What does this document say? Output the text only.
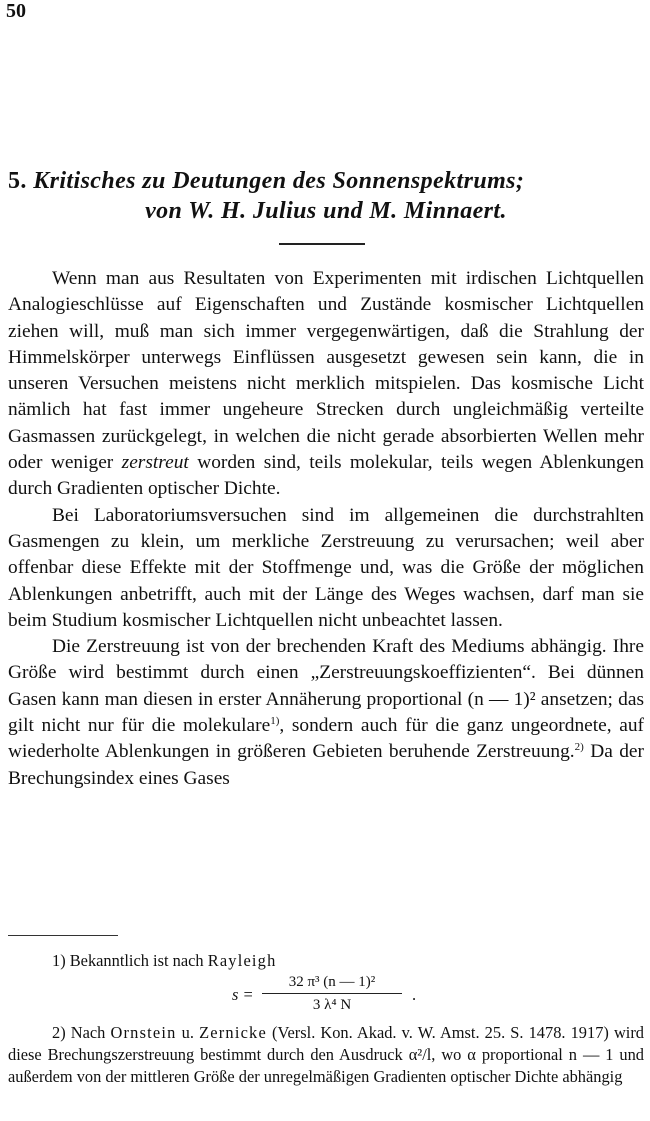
50
5. Kritisches zu Deutungen des Sonnenspektrums;
von W. H. Julius und M. Minnaert.

Wenn man aus Resultaten von Experimenten mit irdischen Lichtquellen Analogieschlüsse auf Eigenschaften und Zustände kosmischer Lichtquellen ziehen will, muß man sich immer vergegenwärtigen, daß die Strahlung der Himmelskörper unterwegs Einflüssen ausgesetzt gewesen sein kann, die in unseren Versuchen meistens nicht merklich mitspielen. Das kosmische Licht nämlich hat fast immer ungeheure Strecken durch ungleichmäßig verteilte Gasmassen zurückgelegt, in welchen die nicht gerade absorbierten Wellen mehr oder weniger zerstreut worden sind, teils molekular, teils wegen Ablenkungen durch Gradienten optischer Dichte.

Bei Laboratoriumsversuchen sind im allgemeinen die durchstrahlten Gasmengen zu klein, um merkliche Zerstreuung zu verursachen; weil aber offenbar diese Effekte mit der Stoffmenge und, was die Größe der möglichen Ablenkungen anbetrifft, auch mit der Länge des Weges wachsen, darf man sie beim Studium kosmischer Lichtquellen nicht unbeachtet lassen.

Die Zerstreuung ist von der brechenden Kraft des Mediums abhängig. Ihre Größe wird bestimmt durch einen „Zerstreuungskoeffizienten“. Bei dünnen Gasen kann man diesen in erster Annäherung proportional (n — 1)² ansetzen; das gilt nicht nur für die molekulare$^{1)}$, sondern auch für die ganz ungeordnete, auf wiederholte Ablenkungen in größeren Gebieten beruhende Zerstreuung.$^{2)}$ Da der Brechungsindex eines Gases

1) Bekanntlich ist nach Rayleigh

$s = \frac{\text{32 π³ (n — 1)²}}{\text{3 λ⁴ N}}$ .

2) Nach Ornstein u. Zernicke (Versl. Kon. Akad. v. W. Amst. 25. S. 1478. 1917) wird diese Brechungszerstreuung bestimmt durch den Ausdruck α²/l, wo α proportional n — 1 und außerdem von der mittleren Größe der unregelmäßigen Gradienten optischer Dichte abhängig
